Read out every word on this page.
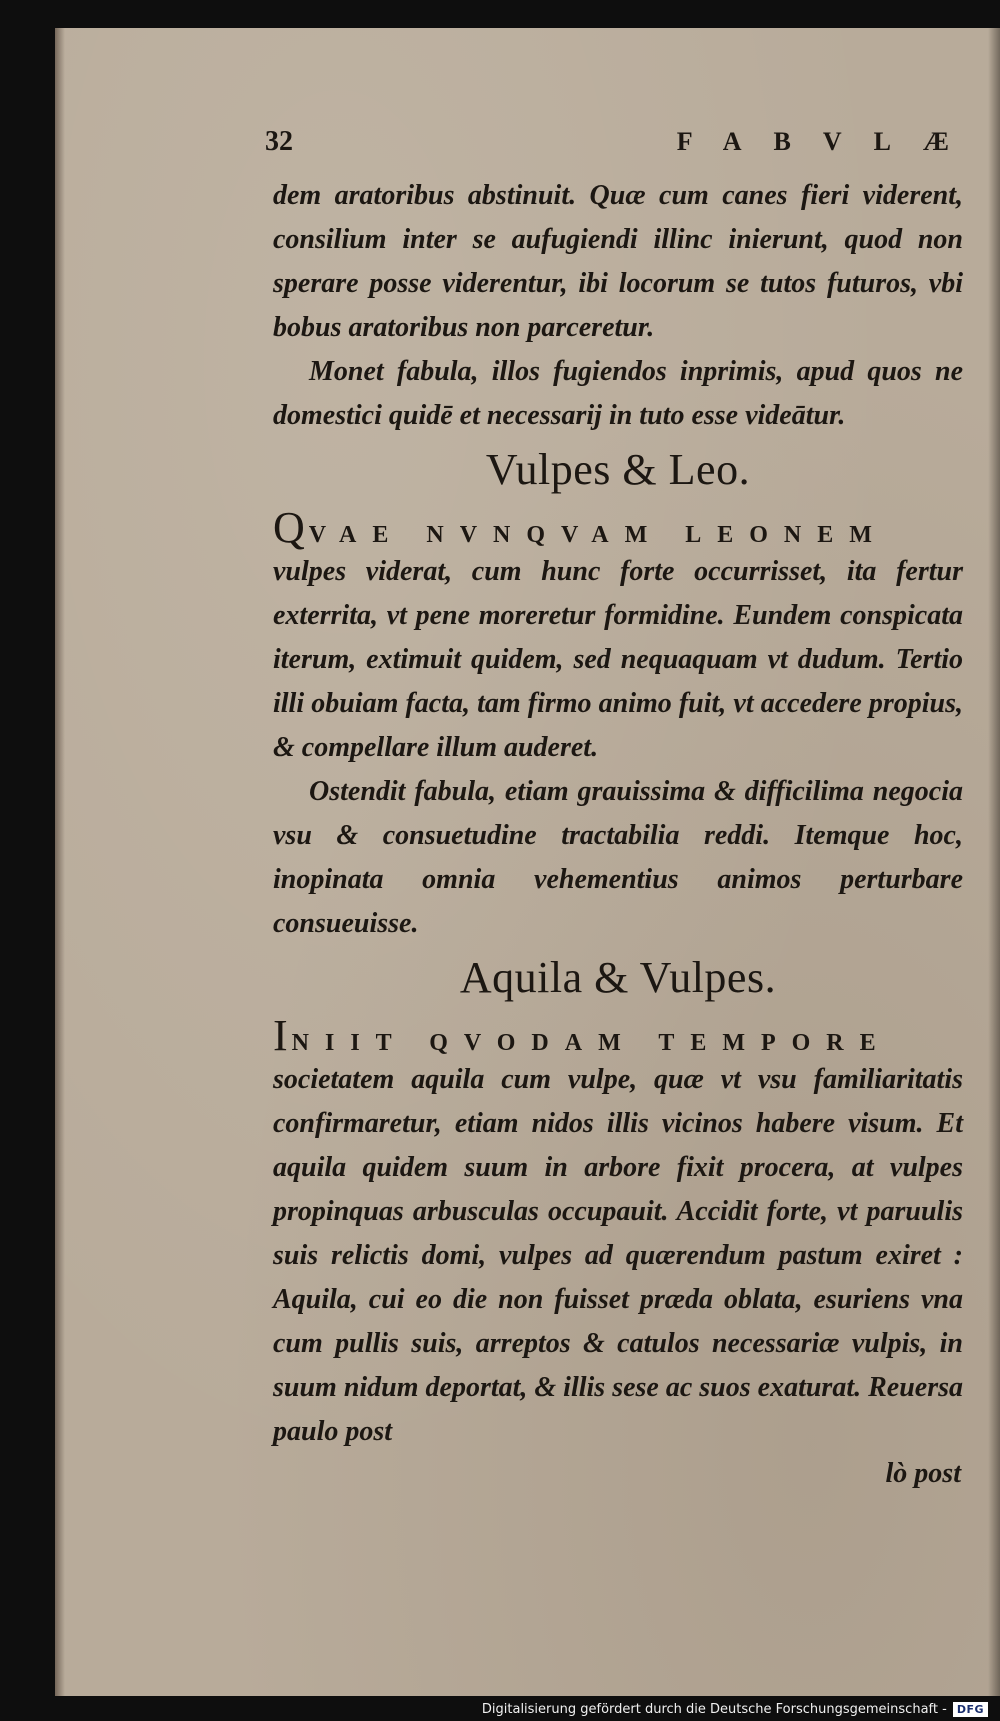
32	FABVLÆ

dem aratoribus abstinuit. Quæ cum canes fieri viderent, consilium inter se aufugiendi illinc inierunt, quod non sperare posse viderentur, ibi locorum se tutos futuros, vbi bobus aratoribus non parceretur.

Monet fabula, illos fugiendos inprimis, apud quos ne domestici quidē et necessarij in tuto esse videātur.

Vulpes & Leo.
QVAE NVNQVAM LEONEM

vulpes viderat, cum hunc forte occurrisset, ita fertur exterrita, vt pene moreretur formidine. Eundem conspicata iterum, extimuit quidem, sed nequaquam vt dudum. Tertio illi obuiam facta, tam firmo animo fuit, vt accedere propius, & compellare illum auderet.

Ostendit fabula, etiam grauissima & difficilima negocia vsu & consuetudine tractabilia reddi. Itemque hoc, inopinata omnia vehementius animos perturbare consueuisse.

Aquila & Vulpes.
INIIT QVODAM TEMPORE

societatem aquila cum vulpe, quæ vt vsu familiaritatis confirmaretur, etiam nidos illis vicinos habere visum. Et aquila quidem suum in arbore fixit procera, at vulpes propinquas arbusculas occupauit. Accidit forte, vt paruulis suis relictis domi, vulpes ad quærendum pastum exiret : Aquila, cui eo die non fuisset præda oblata, esuriens vna cum pullis suis, arreptos & catulos necessariæ vulpis, in suum nidum deportat, & illis sese ac suos exaturat. Reuersa paulo post

lò post
Digitalisierung gefördert durch die Deutsche Forschungsgemeinschaft - DFG
